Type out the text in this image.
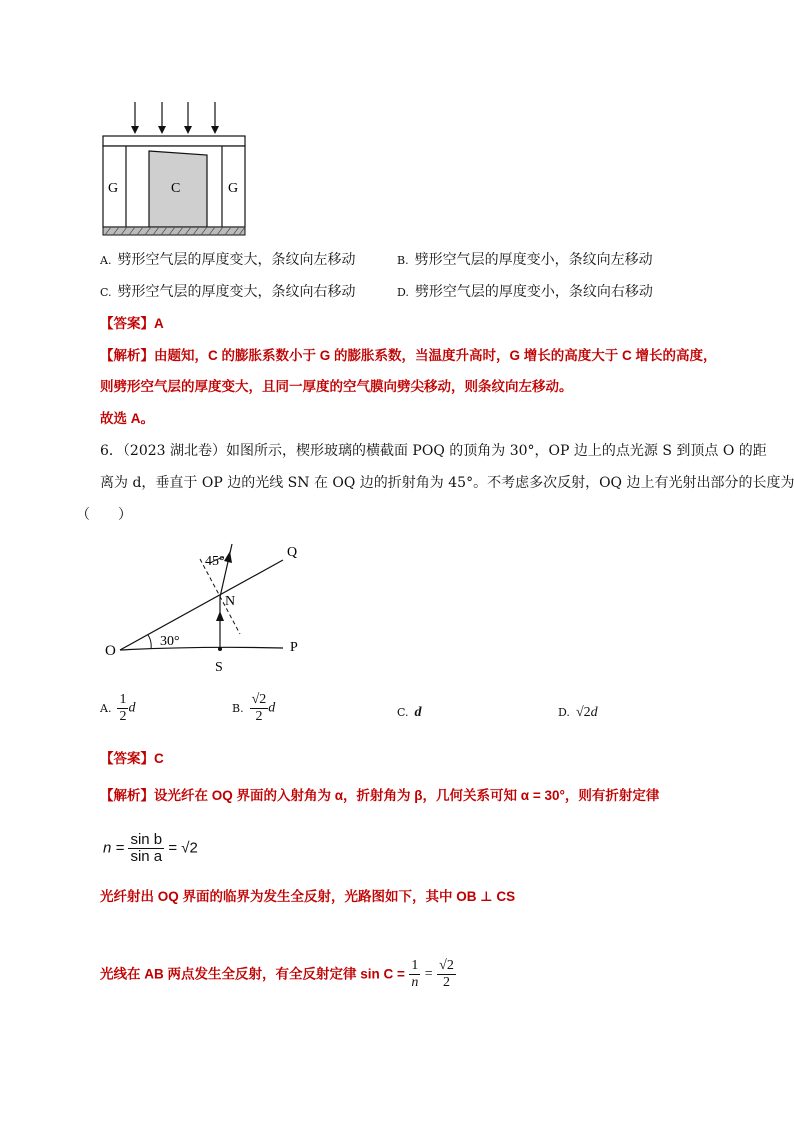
G	C	G
A. 劈形空气层的厚度变大，条纹向左移动	B. 劈形空气层的厚度变小，条纹向左移动
C. 劈形空气层的厚度变大，条纹向右移动	D. 劈形空气层的厚度变小，条纹向右移动
【答案】A
【解析】由题知，C 的膨胀系数小于 G 的膨胀系数，当温度升高时，G 增长的高度大于 C 增长的高度，
则劈形空气层的厚度变大，且同一厚度的空气膜向劈尖移动，则条纹向左移动。
故选 A。
6．（2023 湖北卷）如图所示，楔形玻璃的横截面 POQ 的顶角为 30°，OP 边上的点光源 S 到顶点 O 的距
离为 d，垂直于 OP 边的光线 SN 在 OQ 边的折射角为 45°。不考虑多次反射，OQ 边上有光射出部分的长度为
（　　）
45°
Q
N
30°
O	P
S
A. $\frac{1}{2}$ d	B. $\frac{√2}{2}$ d	C. d	D. √2d
【答案】C
【解析】设光纤在 OQ 界面的入射角为 α，折射角为 β，几何关系可知 α = 30°，则有折射定律
$n = \frac{\text{sin b}}{\text{sin a}} = √2$
光纤射出 OQ 界面的临界为发生全反射，光路图如下，其中 OB ⊥ CS
光线在 AB 两点发生全反射，有全反射定律 $\sin C = \frac{1}{n} = \frac{√2}{2}$
